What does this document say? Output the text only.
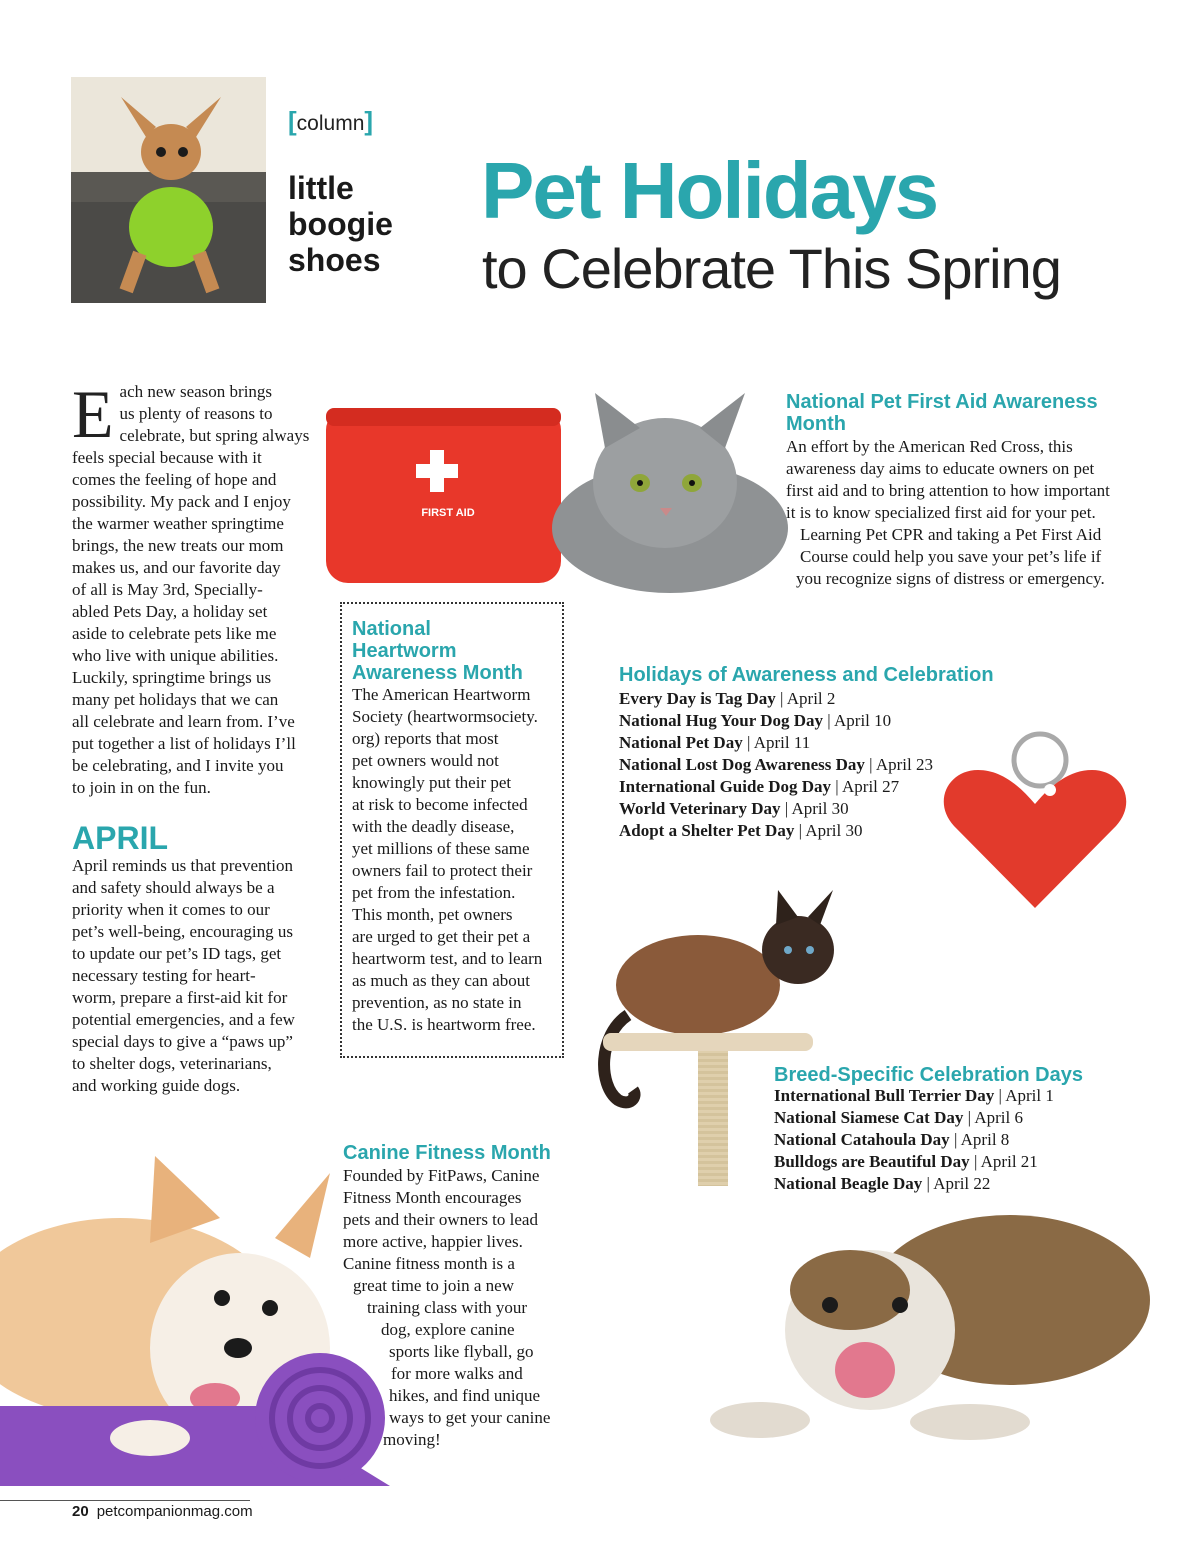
[column]
little
boogie
shoes
Pet Holidays
to Celebrate This Spring
E ach new season brings
us plenty of reasons to
celebrate, but spring always
feels special because with it
comes the feeling of hope and
possibility. My pack and I enjoy
the warmer weather springtime
brings, the new treats our mom
makes us, and our favorite day
of all is May 3rd, Specially-
abled Pets Day, a holiday set
aside to celebrate pets like me
who live with unique abilities.
Luckily, springtime brings us
many pet holidays that we can
all celebrate and learn from. I’ve
put together a list of holidays I’ll
be celebrating, and I invite you
to join in on the fun.
APRIL
April reminds us that prevention
and safety should always be a
priority when it comes to our
pet’s well-being, encouraging us
to update our pet’s ID tags, get
necessary testing for heart-
worm, prepare a first-aid kit for
potential emergencies, and a few
special days to give a “paws up”
to shelter dogs, veterinarians,
and working guide dogs.
National
Heartworm
Awareness Month
The American Heartworm
Society (heartwormsociety.
org) reports that most
pet owners would not
knowingly put their pet
at risk to become infected
with the deadly disease,
yet millions of these same
owners fail to protect their
pet from the infestation.
This month, pet owners
are urged to get their pet a
heartworm test, and to learn
as much as they can about
prevention, as no state in
the U.S. is heartworm free.
FIRST AID
National Pet First Aid Awareness
Month
An effort by the American Red Cross, this
awareness day aims to educate owners on pet
first aid and to bring attention to how important
it is to know specialized first aid for your pet.
Learning Pet CPR and taking a Pet First Aid
Course could help you save your pet’s life if
you recognize signs of distress or emergency.
Holidays of Awareness and Celebration
Every Day is Tag Day | April 2
National Hug Your Dog Day | April 10
National Pet Day | April 11
National Lost Dog Awareness Day | April 23
International Guide Dog Day | April 27
World Veterinary Day | April 30
Adopt a Shelter Pet Day | April 30
Breed-Specific Celebration Days
International Bull Terrier Day | April 1
National Siamese Cat Day | April 6
National Catahoula Day | April 8
Bulldogs are Beautiful Day | April 21
National Beagle Day | April 22
Canine Fitness Month
Founded by FitPaws, Canine
Fitness Month encourages
pets and their owners to lead
more active, happier lives.
Canine fitness month is a
great time to join a new
training class with your
dog, explore canine
sports like flyball, go
for more walks and
hikes, and find unique
ways to get your canine
moving!
20 petcompanionmag.com
